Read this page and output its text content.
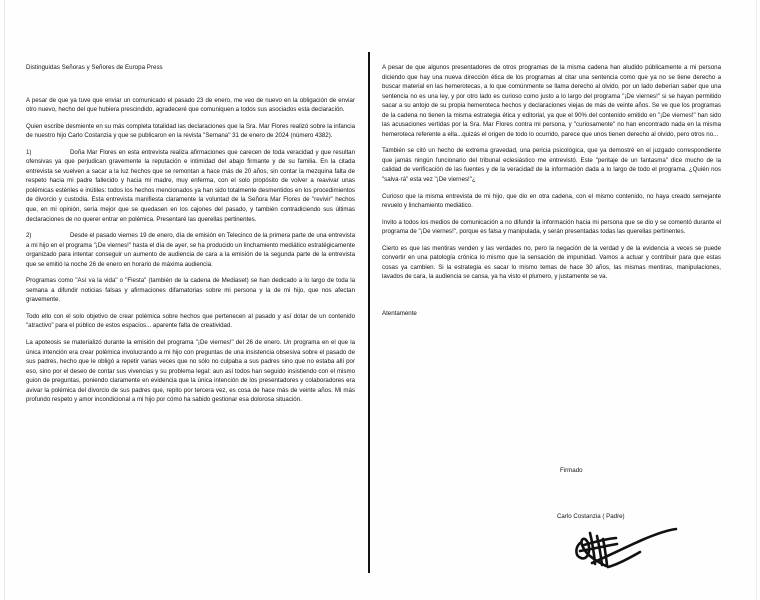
Distinguidas Señoras y Señores de Europa Press

A pesar de que ya tuve que enviar un comunicado el pasado 23 de enero, me veo de nuevo en la obligación de enviar otro nuevo, hecho del que hubiera prescindido, agradeceré que comuniquen a todos sus asociados esta declaración.

Quien escribe desmiente en su más completa totalidad las declaraciones que la Sra. Mar Flores realizó sobre la infancia de nuestro hijo Carlo Costanzia y que se publicaron en la revista "Semana" 31 de enero de 2024 (número 4382).

1)	Doña Mar Flores en esta entrevista realiza afirmaciones que carecen de toda veracidad y que resultan ofensivas ya que perjudican gravemente la reputación e intimidad del abajo firmante y de su familia. En la citada entrevista se vuelven a sacar a la luz hechos que se remontan a hace más de 20 años, sin contar la mezquina falta de respeto hacia mi padre fallecido y hacia mi madre, muy enferma, con el solo propósito de volver a reavivar unas polémicas estériles e inútiles: todos los hechos mencionados ya han sido totalmente desmentidos en los procedimientos de divorcio y custodia. Esta entrevista manifiesta claramente la voluntad de la Señora Mar Flores de "revivir" hechos que, en mi opinión, sería mejor que se quedasen en los cajones del pasado, y también contradiciendo sus últimas declaraciones de no querer entrar en polémica. Presentaré las querellas pertinentes.

2)	Desde el pasado viernes 19 de enero, día de emisión en Telecinco de la primera parte de una entrevista a mi hijo en el programa "¡De viernes!" hasta el día de ayer, se ha producido un linchamiento mediático estratégicamente organizado para intentar conseguir un aumento de audiencia de cara a la emisión de la segunda parte de la entrevista que se emitió la noche 26 de enero en horario de máxima audiencia.

Programas como "Así va la vida" o "Fiesta" (también de la cadena de Mediaset) se han dedicado a lo largo de toda la semana a difundir noticias falsas y afirmaciones difamatorias sobre mi persona y la de mi hijo, que nos afectan gravemente.

Todo ello con el solo objetivo de crear polémica sobre hechos que pertenecen al pasado y así dotar de un contenido "atractivo" para el público de estos espacios... aparente falta de creatividad.

La apoteosis se materializó durante la emisión del programa "¡De viernes!" del 26 de enero. Un programa en el que la única intención era crear polémica involucrando a mi hijo con preguntas de una insistencia obsesiva sobre el pasado de sus padres, hecho que le obligó a repetir varias veces que no sólo no culpaba a sus padres sino que no estaba allí por eso, sino por el deseo de contar sus vivencias y su problema legal: aun así todos han seguido insistiendo con el mismo guion de preguntas, poniendo claramente en evidencia que la única intención de los presentadores y colaboradores era avivar la polémica del divorcio de sus padres que, repito por tercera vez, es cosa de hace más de veinte años. Mi más profundo respeto y amor incondicional a mi hijo por cómo ha sabido gestionar esa dolorosa situación.

A pesar de que algunos presentadores de otros programas de la misma cadena han aludido públicamente a mi persona diciendo que hay una nueva dirección ética de los programas al citar una sentencia como que ya no se tiene derecho a buscar material en las hemerotecas, a lo que comúnmente se llama derecho al olvido, por un lado deberían saber que una sentencia no es una ley, y por otro lado es curioso como justo a lo largo del programa "¡De viernes!" si se hayan permitido sacar a su antojo de su propia hemeroteca hechos y declaraciones viejas de más de veinte años. Se ve que los programas de la cadena no tienen la misma estrategia ética y editorial, ya que el 90% del contenido emitido en "¡De viernes!" han sido las acusaciones vertidas por la Sra. Mar Flores contra mi persona, y "curiosamente" no han encontrado nada en la misma hemeroteca referente a ella...quizás el origen de todo lo ocurrido, parece que unos tienen derecho al olvido, pero otros no...

También se citó un hecho de extrema gravedad, una pericia psicológica, que ya demostré en el juzgado correspondiente que jamás ningún funcionario del tribunal eclesiástico me entrevistó. Este "peritaje de un fantasma" dice mucho de la calidad de verificación de las fuentes y de la veracidad de la información dada a lo largo de todo el programa. ¿Quién nos "salva·rá" esta vez "¡De viernes!"¿

Curioso que la misma entrevista de mi hijo, que dio en otra cadena, con el mismo contenido, no haya creado semejante revuelo y linchamiento mediático.

Invito a todos los medios de comunicación a no difundir la información hacia mi persona que se dio y se comentó durante el programa de "¡De viernes!", porque es falsa y manipulada, y serán presentadas todas las querellas pertinentes.

Cierto es que las mentiras venden y las verdades no, pero la negación de la verdad y de la evidencia a veces se puede convertir en una patología crónica lo mismo que la sensación de impunidad. Vamos a actuar y contribuir para que estas cosas ya cambien. Si la estrategia es sacar lo mismo temas de hace 30 años, las mismas mentiras, manipulaciones, lavados de cara, la audiencia se cansa, ya ha visto el plumero, y justamente se va.

Atentamente

Firmado
Carlo Costanzia ( Padre)
